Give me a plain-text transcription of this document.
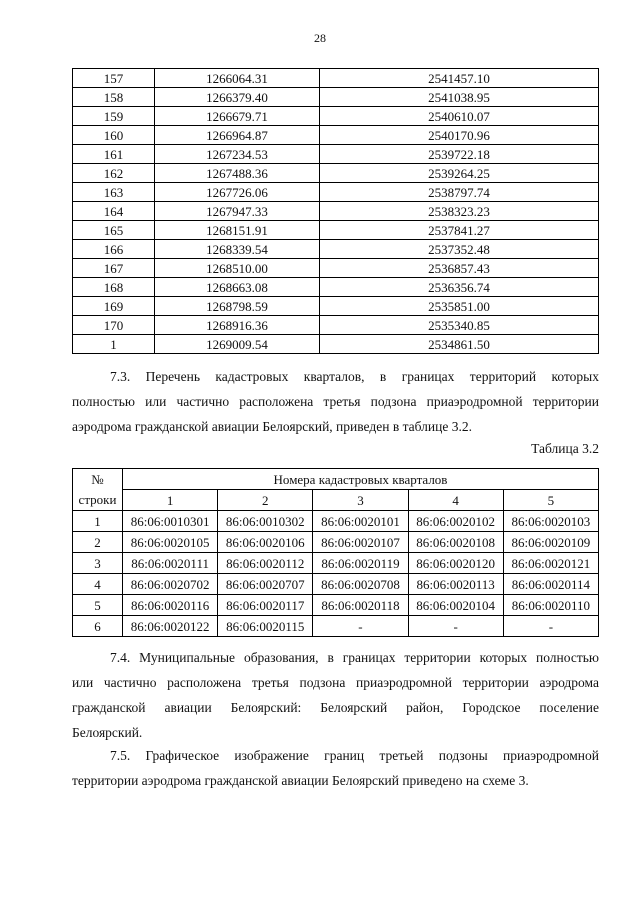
28
157	1266064.31	2541457.10
158	1266379.40	2541038.95
159	1266679.71	2540610.07
160	1266964.87	2540170.96
161	1267234.53	2539722.18
162	1267488.36	2539264.25
163	1267726.06	2538797.74
164	1267947.33	2538323.23
165	1268151.91	2537841.27
166	1268339.54	2537352.48
167	1268510.00	2536857.43
168	1268663.08	2536356.74
169	1268798.59	2535851.00
170	1268916.36	2535340.85
1	1269009.54	2534861.50
7.3. Перечень кадастровых кварталов, в границах территорий которых
полностью или частично расположена третья подзона приаэродромной территории
аэродрома гражданской авиации Белоярский, приведен в таблице 3.2.
Таблица 3.2
№	Номера кадастровых кварталов				
строки	1	2	3	4	5
1	86:06:0010301	86:06:0010302	86:06:0020101	86:06:0020102	86:06:0020103
2	86:06:0020105	86:06:0020106	86:06:0020107	86:06:0020108	86:06:0020109
3	86:06:0020111	86:06:0020112	86:06:0020119	86:06:0020120	86:06:0020121
4	86:06:0020702	86:06:0020707	86:06:0020708	86:06:0020113	86:06:0020114
5	86:06:0020116	86:06:0020117	86:06:0020118	86:06:0020104	86:06:0020110
6	86:06:0020122	86:06:0020115	-	-	-
7.4. Муниципальные образования, в границах территории которых полностью
или частично расположена третья подзона приаэродромной территории аэродрома
гражданской авиации Белоярский: Белоярский район, Городское поселение
Белоярский.
7.5. Графическое изображение границ третьей подзоны приаэродромной
территории аэродрома гражданской авиации Белоярский приведено на схеме 3.
